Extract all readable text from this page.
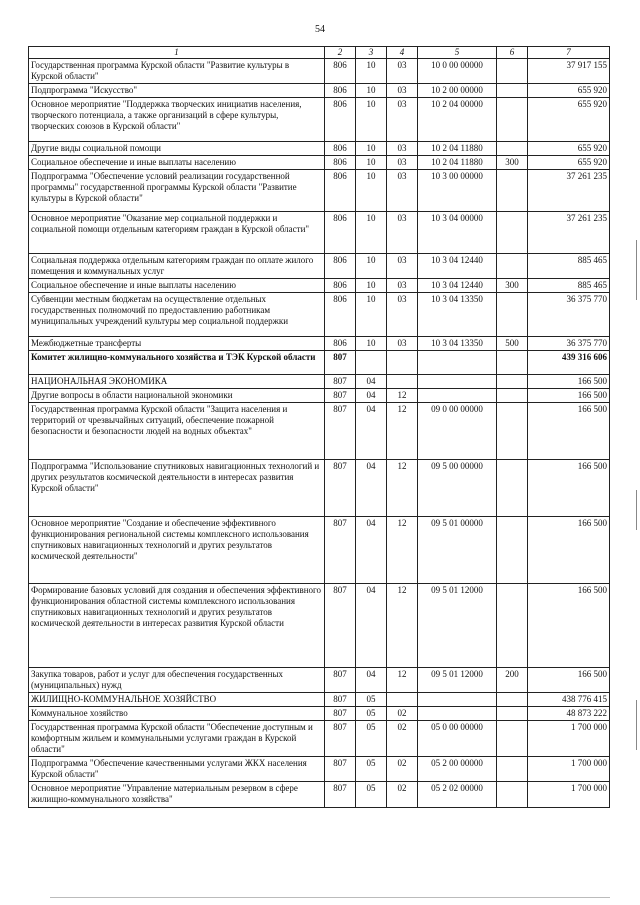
54
1	2	3	4	5	6	7
Государственная программа Курской области "Развитие культуры в Курской области"	806	10	03	10 0 00 00000		37 917 155
Подпрограмма "Искусство"	806	10	03	10 2 00 00000		655 920
Основное мероприятие "Поддержка творческих инициатив населения, творческого потенциала, а также организаций в сфере культуры, творческих союзов в Курской области"	806	10	03	10 2 04 00000		655 920
Другие виды социальной помощи	806	10	03	10 2 04 11880		655 920
Социальное обеспечение и иные выплаты населению	806	10	03	10 2 04 11880	300	655 920
Подпрограмма "Обеспечение условий реализации государственной программы" государственной программы Курской области "Развитие культуры в Курской области"	806	10	03	10 3 00 00000		37 261 235
Основное мероприятие "Оказание мер социальной поддержки и социальной помощи отдельным категориям граждан в Курской области"	806	10	03	10 3 04 00000		37 261 235
Социальная поддержка отдельным категориям граждан по оплате жилого помещения и коммунальных услуг	806	10	03	10 3 04 12440		885 465
Социальное обеспечение и иные выплаты населению	806	10	03	10 3 04 12440	300	885 465
Субвенции местным бюджетам на осуществление отдельных государственных полномочий по предоставлению работникам муниципальных учреждений культуры мер социальной поддержки	806	10	03	10 3 04 13350		36 375 770
Межбюджетные трансферты	806	10	03	10 3 04 13350	500	36 375 770
Комитет жилищно-коммунального хозяйства и ТЭК Курской области	807					439 316 606
НАЦИОНАЛЬНАЯ ЭКОНОМИКА	807	04				166 500
Другие вопросы в области национальной экономики	807	04	12			166 500
Государственная программа Курской области "Защита населения и территорий от чрезвычайных ситуаций, обеспечение пожарной безопасности и безопасности людей на водных объектах"	807	04	12	09 0 00 00000		166 500
Подпрограмма "Использование спутниковых навигационных технологий и других результатов космической деятельности в интересах развития Курской области"	807	04	12	09 5 00 00000		166 500
Основное мероприятие "Создание и обеспечение эффективного функционирования региональной системы комплексного использования спутниковых навигационных технологий и других результатов космической деятельности"	807	04	12	09 5 01 00000		166 500
Формирование базовых условий для создания и обеспечения эффективного функционирования областной системы комплексного использования спутниковых навигационных технологий и других результатов космической деятельности в интересах развития Курской области	807	04	12	09 5 01 12000		166 500
Закупка товаров, работ и услуг для обеспечения государственных (муниципальных) нужд	807	04	12	09 5 01 12000	200	166 500
ЖИЛИЩНО-КОММУНАЛЬНОЕ ХОЗЯЙСТВО	807	05				438 776 415
Коммунальное хозяйство	807	05	02			48 873 222
Государственная программа Курской области "Обеспечение доступным и комфортным жильем и коммунальными услугами граждан в Курской области"	807	05	02	05 0 00 00000		1 700 000
Подпрограмма "Обеспечение качественными услугами ЖКХ населения Курской области"	807	05	02	05 2 00 00000		1 700 000
Основное мероприятие "Управление материальным резервом в сфере жилищно-коммунального хозяйства"	807	05	02	05 2 02 00000		1 700 000
